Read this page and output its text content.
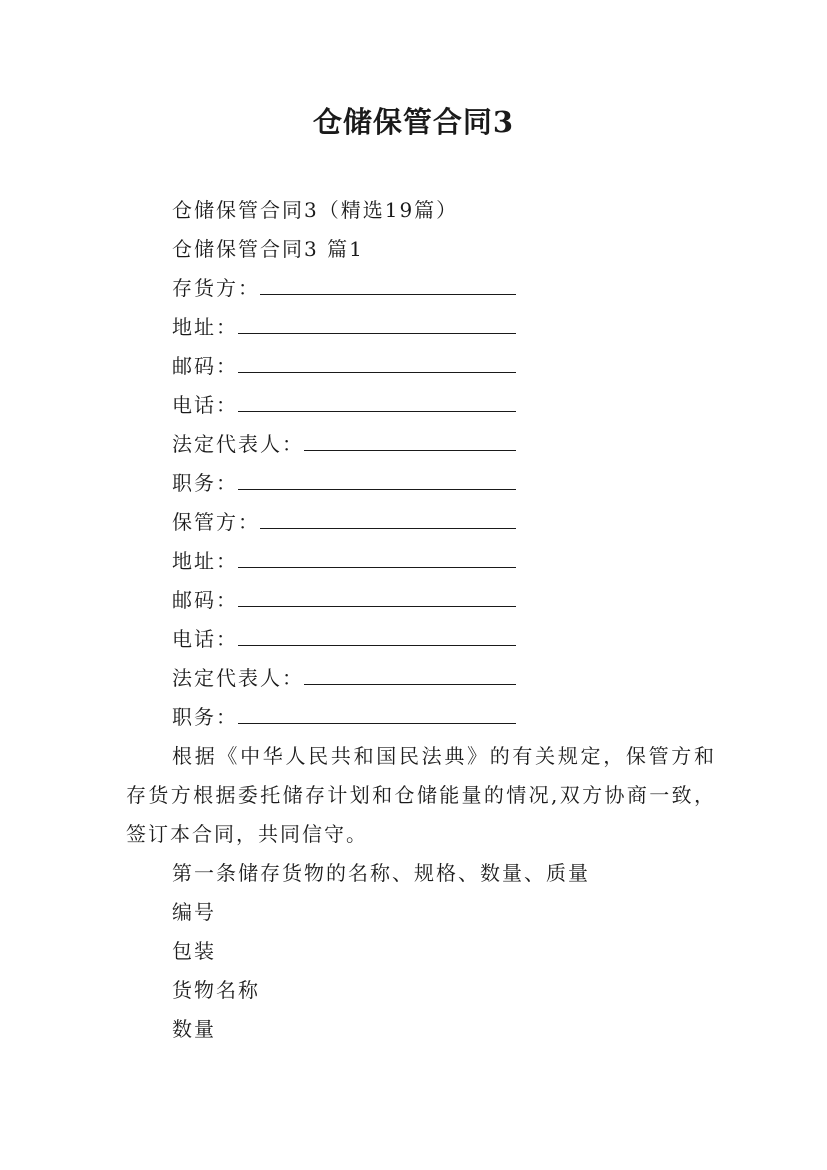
仓储保管合同3
仓储保管合同3（精选19篇）
仓储保管合同3 篇1
存货方：
地址：
邮码：
电话：
法定代表人：
职务：
保管方：
地址：
邮码：
电话：
法定代表人：
职务：

根据《中华人民共和国民法典》的有关规定，保管方和存货方根据委托储存计划和仓储能量的情况,双方协商一致，签订本合同，共同信守。

第一条储存货物的名称、规格、数量、质量
编号
包装
货物名称
数量
